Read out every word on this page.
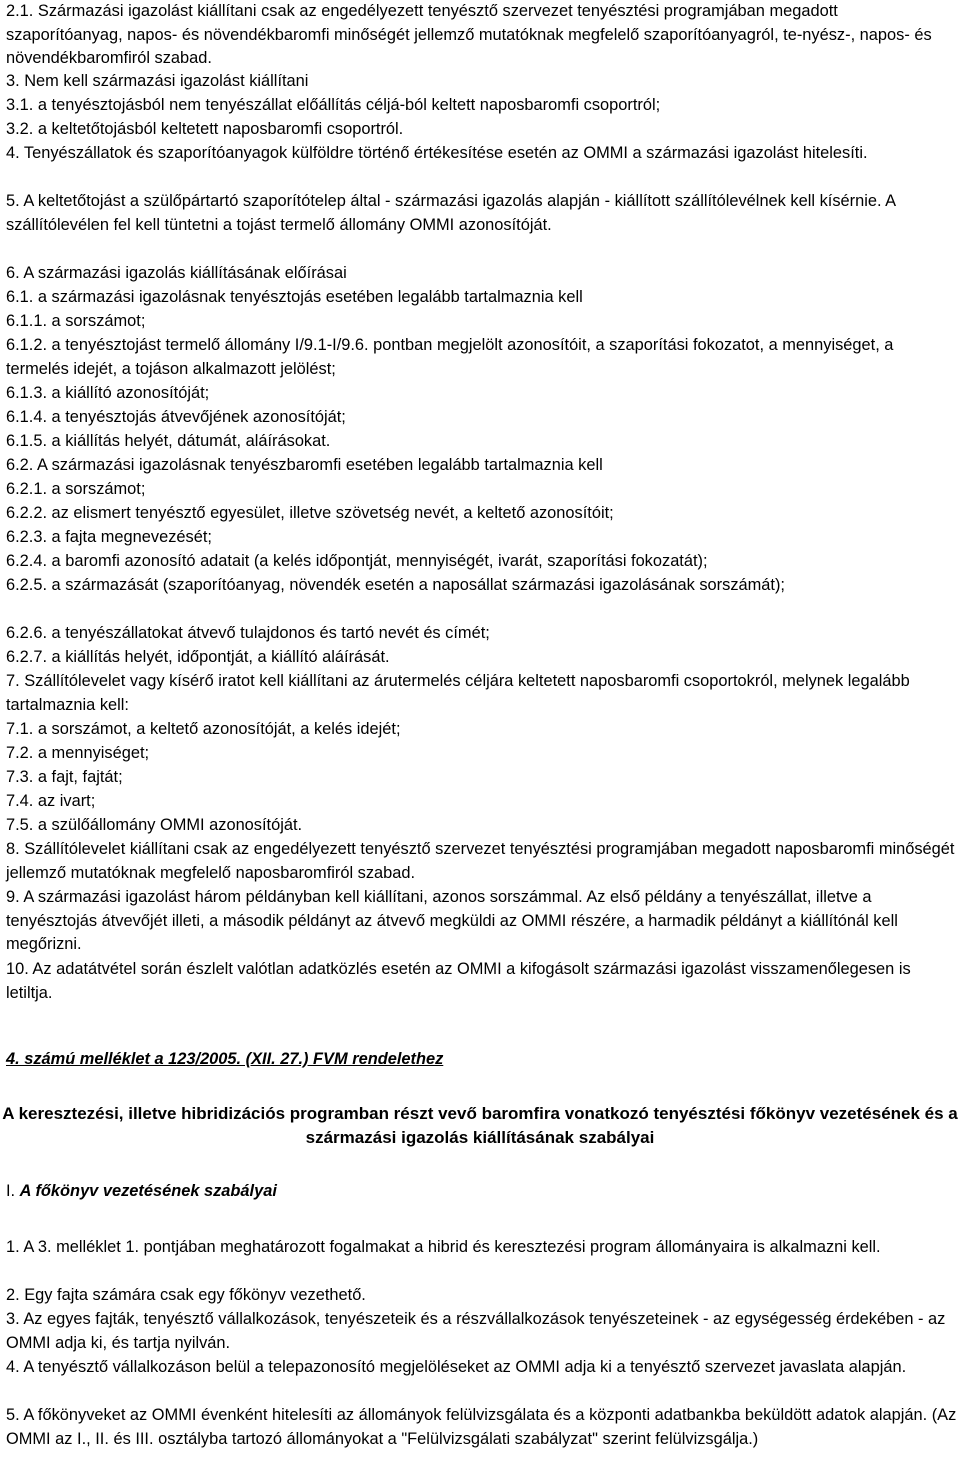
2.1. Származási igazolást kiállítani csak az engedélyezett tenyésztő szervezet tenyésztési programjában megadott szaporítóanyag, napos- és növendékbaromfi minőségét jellemző mutatóknak megfelelő szaporítóanyagról, te-nyész-, napos- és növendékbaromfiról szabad.

3. Nem kell származási igazolást kiállítani

3.1. a tenyésztojásból nem tenyészállat előállítás céljá-ból keltett naposbaromfi csoportról;

3.2. a keltetőtojásból keltetett naposbaromfi csoportról.

4. Tenyészállatok és szaporítóanyagok külföldre történő értékesítése esetén az OMMI a származási igazolást hitelesíti.

5. A keltetőtojást a szülőpártartó szaporítótelep által - származási igazolás alapján - kiállított szállítólevélnek kell kísérnie. A szállítólevélen fel kell tüntetni a tojást termelő állomány OMMI azonosítóját.

6. A származási igazolás kiállításának előírásai

6.1. a származási igazolásnak tenyésztojás esetében legalább tartalmaznia kell

6.1.1. a sorszámot;

6.1.2. a tenyésztojást termelő állomány I/9.1-I/9.6. pontban megjelölt azonosítóit, a szaporítási fokozatot, a mennyiséget, a termelés idejét, a tojáson alkalmazott jelölést;

6.1.3. a kiállító azonosítóját;

6.1.4. a tenyésztojás átvevőjének azonosítóját;

6.1.5. a kiállítás helyét, dátumát, aláírásokat.

6.2. A származási igazolásnak tenyészbaromfi esetében legalább tartalmaznia kell

6.2.1. a sorszámot;

6.2.2. az elismert tenyésztő egyesület, illetve szövetség nevét, a keltető azonosítóit;

6.2.3. a fajta megnevezését;

6.2.4. a baromfi azonosító adatait (a kelés időpontját, mennyiségét, ivarát, szaporítási fokozatát);

6.2.5. a származását (szaporítóanyag, növendék esetén a naposállat származási igazolásának sorszámát);

6.2.6. a tenyészállatokat átvevő tulajdonos és tartó nevét és címét;

6.2.7. a kiállítás helyét, időpontját, a kiállító aláírását.

7. Szállítólevelet vagy kísérő iratot kell kiállítani az árutermelés céljára keltetett naposbaromfi csoportokról, melynek legalább tartalmaznia kell:

7.1. a sorszámot, a keltető azonosítóját, a kelés idejét;

7.2. a mennyiséget;

7.3. a fajt, fajtát;

7.4. az ivart;

7.5. a szülőállomány OMMI azonosítóját.

8. Szállítólevelet kiállítani csak az engedélyezett tenyésztő szervezet tenyésztési programjában megadott naposbaromfi minőségét jellemző mutatóknak megfelelő naposbaromfiról szabad.

9. A származási igazolást három példányban kell kiállítani, azonos sorszámmal. Az első példány a tenyészállat, illetve a tenyésztojás átvevőjét illeti, a második példányt az átvevő megküldi az OMMI részére, a harmadik példányt a kiállítónál kell megőrizni.

10. Az adatátvétel során észlelt valótlan adatközlés esetén az OMMI a kifogásolt származási igazolást visszamenőlegesen is letiltja.

4. számú melléklet a 123/2005. (XII. 27.) FVM rendelethez

A keresztezési, illetve hibridizációs programban részt vevő baromfira vonatkozó tenyésztési főkönyv vezetésének és a származási igazolás kiállításának szabályai

I. A főkönyv vezetésének szabályai

1. A 3. melléklet 1. pontjában meghatározott fogalmakat a hibrid és keresztezési program állományaira is alkalmazni kell.

2. Egy fajta számára csak egy főkönyv vezethető.

3. Az egyes fajták, tenyésztő vállalkozások, tenyészeteik és a részvállalkozások tenyészeteinek - az egységesség érdekében - az OMMI adja ki, és tartja nyilván.

4. A tenyésztő vállalkozáson belül a telepazonosító megjelöléseket az OMMI adja ki a tenyésztő szervezet javaslata alapján.

5. A főkönyveket az OMMI évenként hitelesíti az állományok felülvizsgálata és a központi adatbankba beküldött adatok alapján. (Az OMMI az I., II. és III. osztályba tartozó állományokat a "Felülvizsgálati szabályzat" szerint felülvizsgálja.)
